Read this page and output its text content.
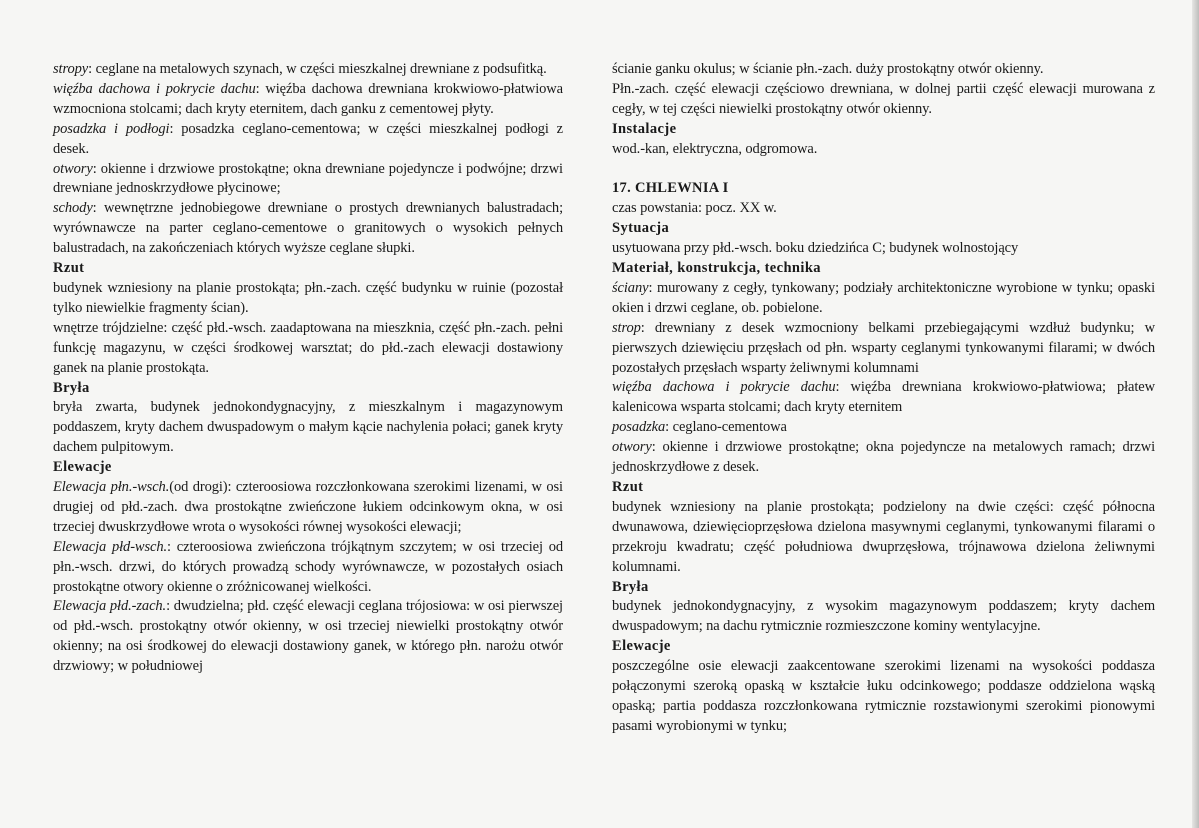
stropy: ceglane na metalowych szynach, w części mieszkalnej drewniane z podsufitką.

więźba dachowa i pokrycie dachu: więźba dachowa drewniana krokwiowo-płatwiowa wzmocniona stolcami; dach kryty eternitem, dach ganku z cementowej płyty.

posadzka i podłogi: posadzka ceglano-cementowa; w części mieszkalnej podłogi z desek.

otwory: okienne i drzwiowe prostokątne; okna drewniane pojedyncze i podwójne; drzwi drewniane jednoskrzydłowe płycinowe;

schody: wewnętrzne jednobiegowe drewniane o prostych drewnianych balustradach; wyrównawcze na parter ceglano-cementowe o granitowych o wysokich pełnych balustradach, na zakończeniach których wyższe ceglane słupki.

Rzut

budynek wzniesiony na planie prostokąta; płn.-zach. część budynku w ruinie (pozostał tylko niewielkie fragmenty ścian).

wnętrze trójdzielne: część płd.-wsch. zaadaptowana na mieszknia, część płn.-zach. pełni funkcję magazynu, w części środkowej warsztat; do płd.-zach elewacji dostawiony ganek na planie prostokąta.

Bryła

bryła zwarta, budynek jednokondygnacyjny, z mieszkalnym i magazynowym poddaszem, kryty dachem dwuspadowym o małym kącie nachylenia połaci; ganek kryty dachem pulpitowym.

Elewacje

Elewacja płn.-wsch.(od drogi): czteroosiowa rozczłonkowana szerokimi lizenami, w osi drugiej od płd.-zach. dwa prostokątne zwieńczone łukiem odcinkowym okna, w osi trzeciej dwuskrzydłowe wrota o wysokości równej wysokości elewacji;

Elewacja płd-wsch.: czteroosiowa zwieńczona trójkątnym szczytem; w osi trzeciej od płn.-wsch. drzwi, do których prowadzą schody wyrównawcze, w pozostałych osiach prostokątne otwory okienne o zróżnicowanej wielkości.

Elewacja płd.-zach.: dwudzielna; płd. część elewacji ceglana trójosiowa: w osi pierwszej od płd.-wsch. prostokątny otwór okienny, w osi trzeciej niewielki prostokątny otwór okienny; na osi środkowej do elewacji dostawiony ganek, w którego płn. narożu otwór drzwiowy; w południowej

ścianie ganku okulus; w ścianie płn.-zach. duży prostokątny otwór okienny.

Płn.-zach. część elewacji częściowo drewniana, w dolnej partii część elewacji murowana z cegły, w tej części niewielki prostokątny otwór okienny.

Instalacje

wod.-kan, elektryczna, odgromowa.

17. CHLEWNIA I

czas powstania: pocz. XX w.

Sytuacja

usytuowana przy płd.-wsch. boku dziedzińca C; budynek wolnostojący

Materiał, konstrukcja, technika

ściany: murowany z cegły, tynkowany; podziały architektoniczne wyrobione w tynku; opaski okien i drzwi ceglane, ob. pobielone.

strop: drewniany z desek wzmocniony belkami przebiegającymi wzdłuż budynku; w pierwszych dziewięciu przęsłach od płn. wsparty ceglanymi tynkowanymi filarami; w dwóch pozostałych przęsłach wsparty żeliwnymi kolumnami

więźba dachowa i pokrycie dachu: więźba drewniana krokwiowo-płatwiowa; płatew kalenicowa wsparta stolcami; dach kryty eternitem

posadzka: ceglano-cementowa

otwory: okienne i drzwiowe prostokątne; okna pojedyncze na metalowych ramach; drzwi jednoskrzydłowe z desek.

Rzut

budynek wzniesiony na planie prostokąta; podzielony na dwie części: część północna dwunawowa, dziewięcioprzęsłowa dzielona masywnymi ceglanymi, tynkowanymi filarami o przekroju kwadratu; część południowa dwuprzęsłowa, trójnawowa dzielona żeliwnymi kolumnami.

Bryła

budynek jednokondygnacyjny, z wysokim magazynowym poddaszem; kryty dachem dwuspadowym; na dachu rytmicznie rozmieszczone kominy wentylacyjne.

Elewacje

poszczególne osie elewacji zaakcentowane szerokimi lizenami na wysokości poddasza połączonymi szeroką opaską w kształcie łuku odcinkowego; poddasze oddzielona wąską opaską; partia poddasza rozczłonkowana rytmicznie rozstawionymi szerokimi pionowymi pasami wyrobionymi w tynku;
